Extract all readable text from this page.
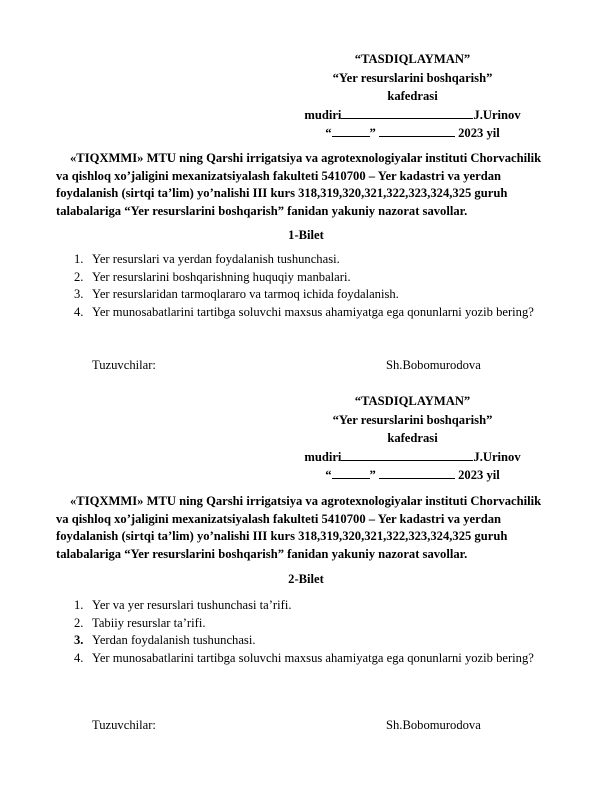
“TASDIQLAYMAN”
“Yer resurslarini boshqarish”
kafedrasi
mudiri	J.Urinov
“	”	2023 yil

«TIQXMMI» MTU ning Qarshi irrigatsiya va agrotexnologiyalar instituti Chorvachilik va qishloq xo’jaligini mexanizatsiyalash fakulteti 5410700 – Yer kadastri va yerdan foydalanish (sirtqi ta’lim) yo’nalishi III kurs 318,319,320,321,322,323,324,325 guruh talabalariga “Yer resurslarini boshqarish” fanidan yakuniy nazorat savollar.

1-Bilet
1. Yer resurslari va yerdan foydalanish tushunchasi.
2. Yer resurslarini boshqarishning huquqiy manbalari.
3. Yer resurslaridan tarmoqlararo va tarmoq ichida foydalanish.
4. Yer munosabatlarini tartibga soluvchi maxsus ahamiyatga ega qonunlarni yozib bering?
Tuzuvchilar:	Sh.Bobomurodova
“TASDIQLAYMAN”
“Yer resurslarini boshqarish”
kafedrasi
mudiri	J.Urinov
“	”	2023 yil

«TIQXMMI» MTU ning Qarshi irrigatsiya va agrotexnologiyalar instituti Chorvachilik va qishloq xo’jaligini mexanizatsiyalash fakulteti 5410700 – Yer kadastri va yerdan foydalanish (sirtqi ta’lim) yo’nalishi III kurs 318,319,320,321,322,323,324,325 guruh talabalariga “Yer resurslarini boshqarish” fanidan yakuniy nazorat savollar.

2-Bilet
1. Yer va yer resurslari tushunchasi ta’rifi.
2. Tabiiy resurslar ta’rifi.
3. Yerdan foydalanish tushunchasi.
4. Yer munosabatlarini tartibga soluvchi maxsus ahamiyatga ega qonunlarni yozib bering?
Tuzuvchilar:	Sh.Bobomurodova
